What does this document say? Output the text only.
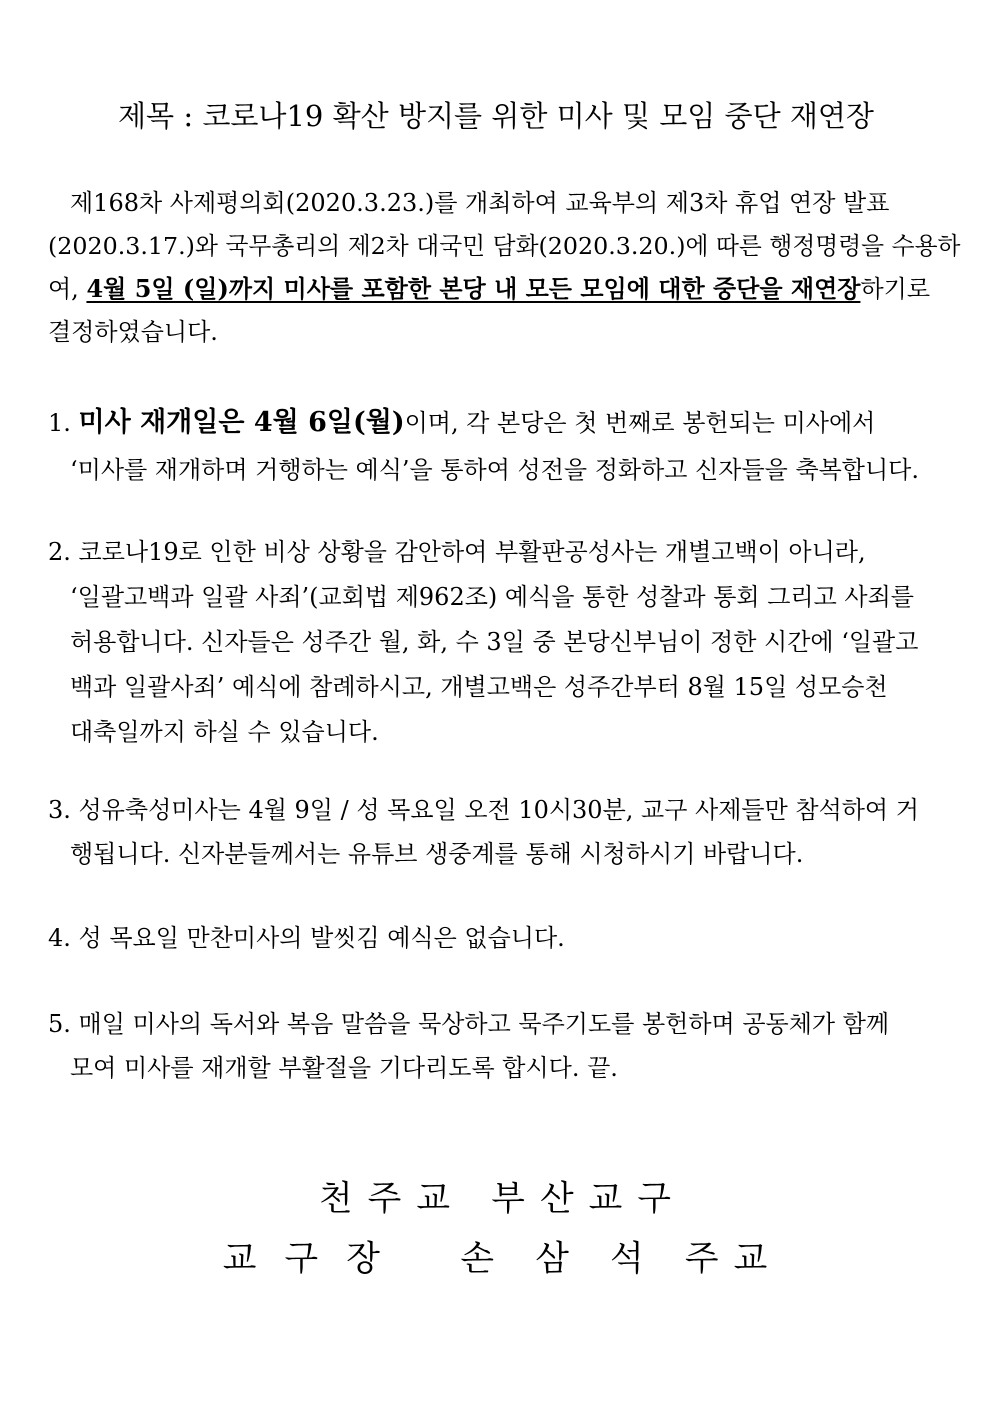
제목 : 코로나19 확산 방지를 위한 미사 및 모임 중단 재연장
제168차 사제평의회(2020.3.23.)를 개최하여 교육부의 제3차 휴업 연장 발표
(2020.3.17.)와 국무총리의 제2차 대국민 담화(2020.3.20.)에 따른 행정명령을 수용하
여, 4월 5일 (일)까지 미사를 포함한 본당 내 모든 모임에 대한 중단을 재연장하기로
결정하였습니다.
1. 미사 재개일은 4월 6일(월)이며, 각 본당은 첫 번째로 봉헌되는 미사에서
‘미사를 재개하며 거행하는 예식’을 통하여 성전을 정화하고 신자들을 축복합니다.
2. 코로나19로 인한 비상 상황을 감안하여 부활판공성사는 개별고백이 아니라,
‘일괄고백과 일괄 사죄’(교회법 제962조) 예식을 통한 성찰과 통회 그리고 사죄를
허용합니다. 신자들은 성주간 월, 화, 수 3일 중 본당신부님이 정한 시간에 ‘일괄고
백과 일괄사죄’ 예식에 참례하시고, 개별고백은 성주간부터 8월 15일 성모승천
대축일까지 하실 수 있습니다.
3. 성유축성미사는 4월 9일 / 성 목요일 오전 10시30분, 교구 사제들만 참석하여 거
행됩니다. 신자분들께서는 유튜브 생중계를 통해 시청하시기 바랍니다.
4. 성 목요일 만찬미사의 발씻김 예식은 없습니다.
5. 매일 미사의 독서와 복음 말씀을 묵상하고 묵주기도를 봉헌하며 공동체가 함께
모여 미사를 재개할 부활절을 기다리도록 합시다. 끝.
천 주 교   부 산 교 구
교  구  장      손   삼   석   주 교
